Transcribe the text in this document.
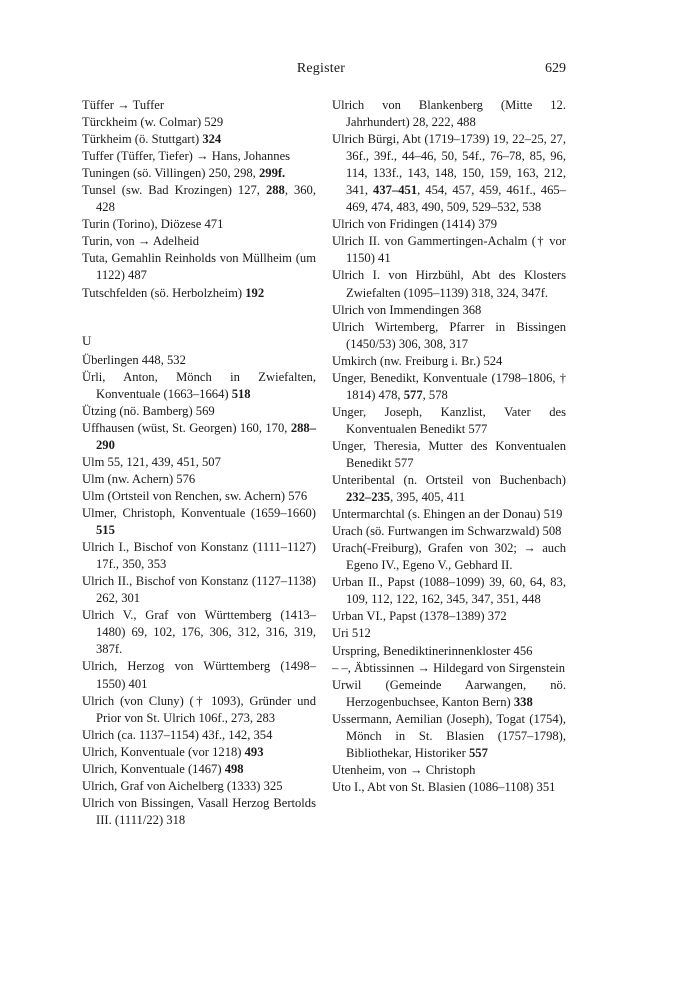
Register	629

Tüffer → Tuffer

Türckheim (w. Colmar) 529

Türkheim (ö. Stuttgart) 324

Tuffer (Tüffer, Tiefer) → Hans, Johannes

Tuningen (sö. Villingen) 250, 298, 299f.

Tunsel (sw. Bad Krozingen) 127, 288, 360, 428

Turin (Torino), Diözese 471

Turin, von → Adelheid

Tuta, Gemahlin Reinholds von Müllheim (um 1122) 487

Tutschfelden (sö. Herbolzheim) 192

U

Überlingen 448, 532

Ürli, Anton, Mönch in Zwiefalten, Konventuale (1663–1664) 518

Ützing (nö. Bamberg) 569

Uffhausen (wüst, St. Georgen) 160, 170, 288–290

Ulm 55, 121, 439, 451, 507

Ulm (nw. Achern) 576

Ulm (Ortsteil von Renchen, sw. Achern) 576

Ulmer, Christoph, Konventuale (1659–1660) 515

Ulrich I., Bischof von Konstanz (1111–1127) 17f., 350, 353

Ulrich II., Bischof von Konstanz (1127–1138) 262, 301

Ulrich V., Graf von Württemberg (1413–1480) 69, 102, 176, 306, 312, 316, 319, 387f.

Ulrich, Herzog von Württemberg (1498–1550) 401

Ulrich (von Cluny) († 1093), Gründer und Prior von St. Ulrich 106f., 273, 283

Ulrich (ca. 1137–1154) 43f., 142, 354

Ulrich, Konventuale (vor 1218) 493

Ulrich, Konventuale (1467) 498

Ulrich, Graf von Aichelberg (1333) 325

Ulrich von Bissingen, Vasall Herzog Bertolds III. (1111/22) 318

Ulrich von Blankenberg (Mitte 12. Jahrhundert) 28, 222, 488

Ulrich Bürgi, Abt (1719–1739) 19, 22–25, 27, 36f., 39f., 44–46, 50, 54f., 76–78, 85, 96, 114, 133f., 143, 148, 150, 159, 163, 212, 341, 437–451, 454, 457, 459, 461f., 465–469, 474, 483, 490, 509, 529–532, 538

Ulrich von Fridingen (1414) 379

Ulrich II. von Gammertingen-Achalm († vor 1150) 41

Ulrich I. von Hirzbühl, Abt des Klosters Zwiefalten (1095–1139) 318, 324, 347f.

Ulrich von Immendingen 368

Ulrich Wirtemberg, Pfarrer in Bissingen (1450/53) 306, 308, 317

Umkirch (nw. Freiburg i. Br.) 524

Unger, Benedikt, Konventuale (1798–1806, † 1814) 478, 577, 578

Unger, Joseph, Kanzlist, Vater des Konventualen Benedikt 577

Unger, Theresia, Mutter des Konventualen Benedikt 577

Unteribental (n. Ortsteil von Buchenbach) 232–235, 395, 405, 411

Untermarchtal (s. Ehingen an der Donau) 519

Urach (sö. Furtwangen im Schwarzwald) 508

Urach(-Freiburg), Grafen von 302; → auch Egeno IV., Egeno V., Gebhard II.

Urban II., Papst (1088–1099) 39, 60, 64, 83, 109, 112, 122, 162, 345, 347, 351, 448

Urban VI., Papst (1378–1389) 372

Uri 512

Urspring, Benediktinerinnenkloster 456

– –, Äbtissinnen → Hildegard von Sirgenstein

Urwil (Gemeinde Aarwangen, nö. Herzogenbuchsee, Kanton Bern) 338

Ussermann, Aemilian (Joseph), Togat (1754), Mönch in St. Blasien (1757–1798), Bibliothekar, Historiker 557

Utenheim, von → Christoph

Uto I., Abt von St. Blasien (1086–1108) 351
